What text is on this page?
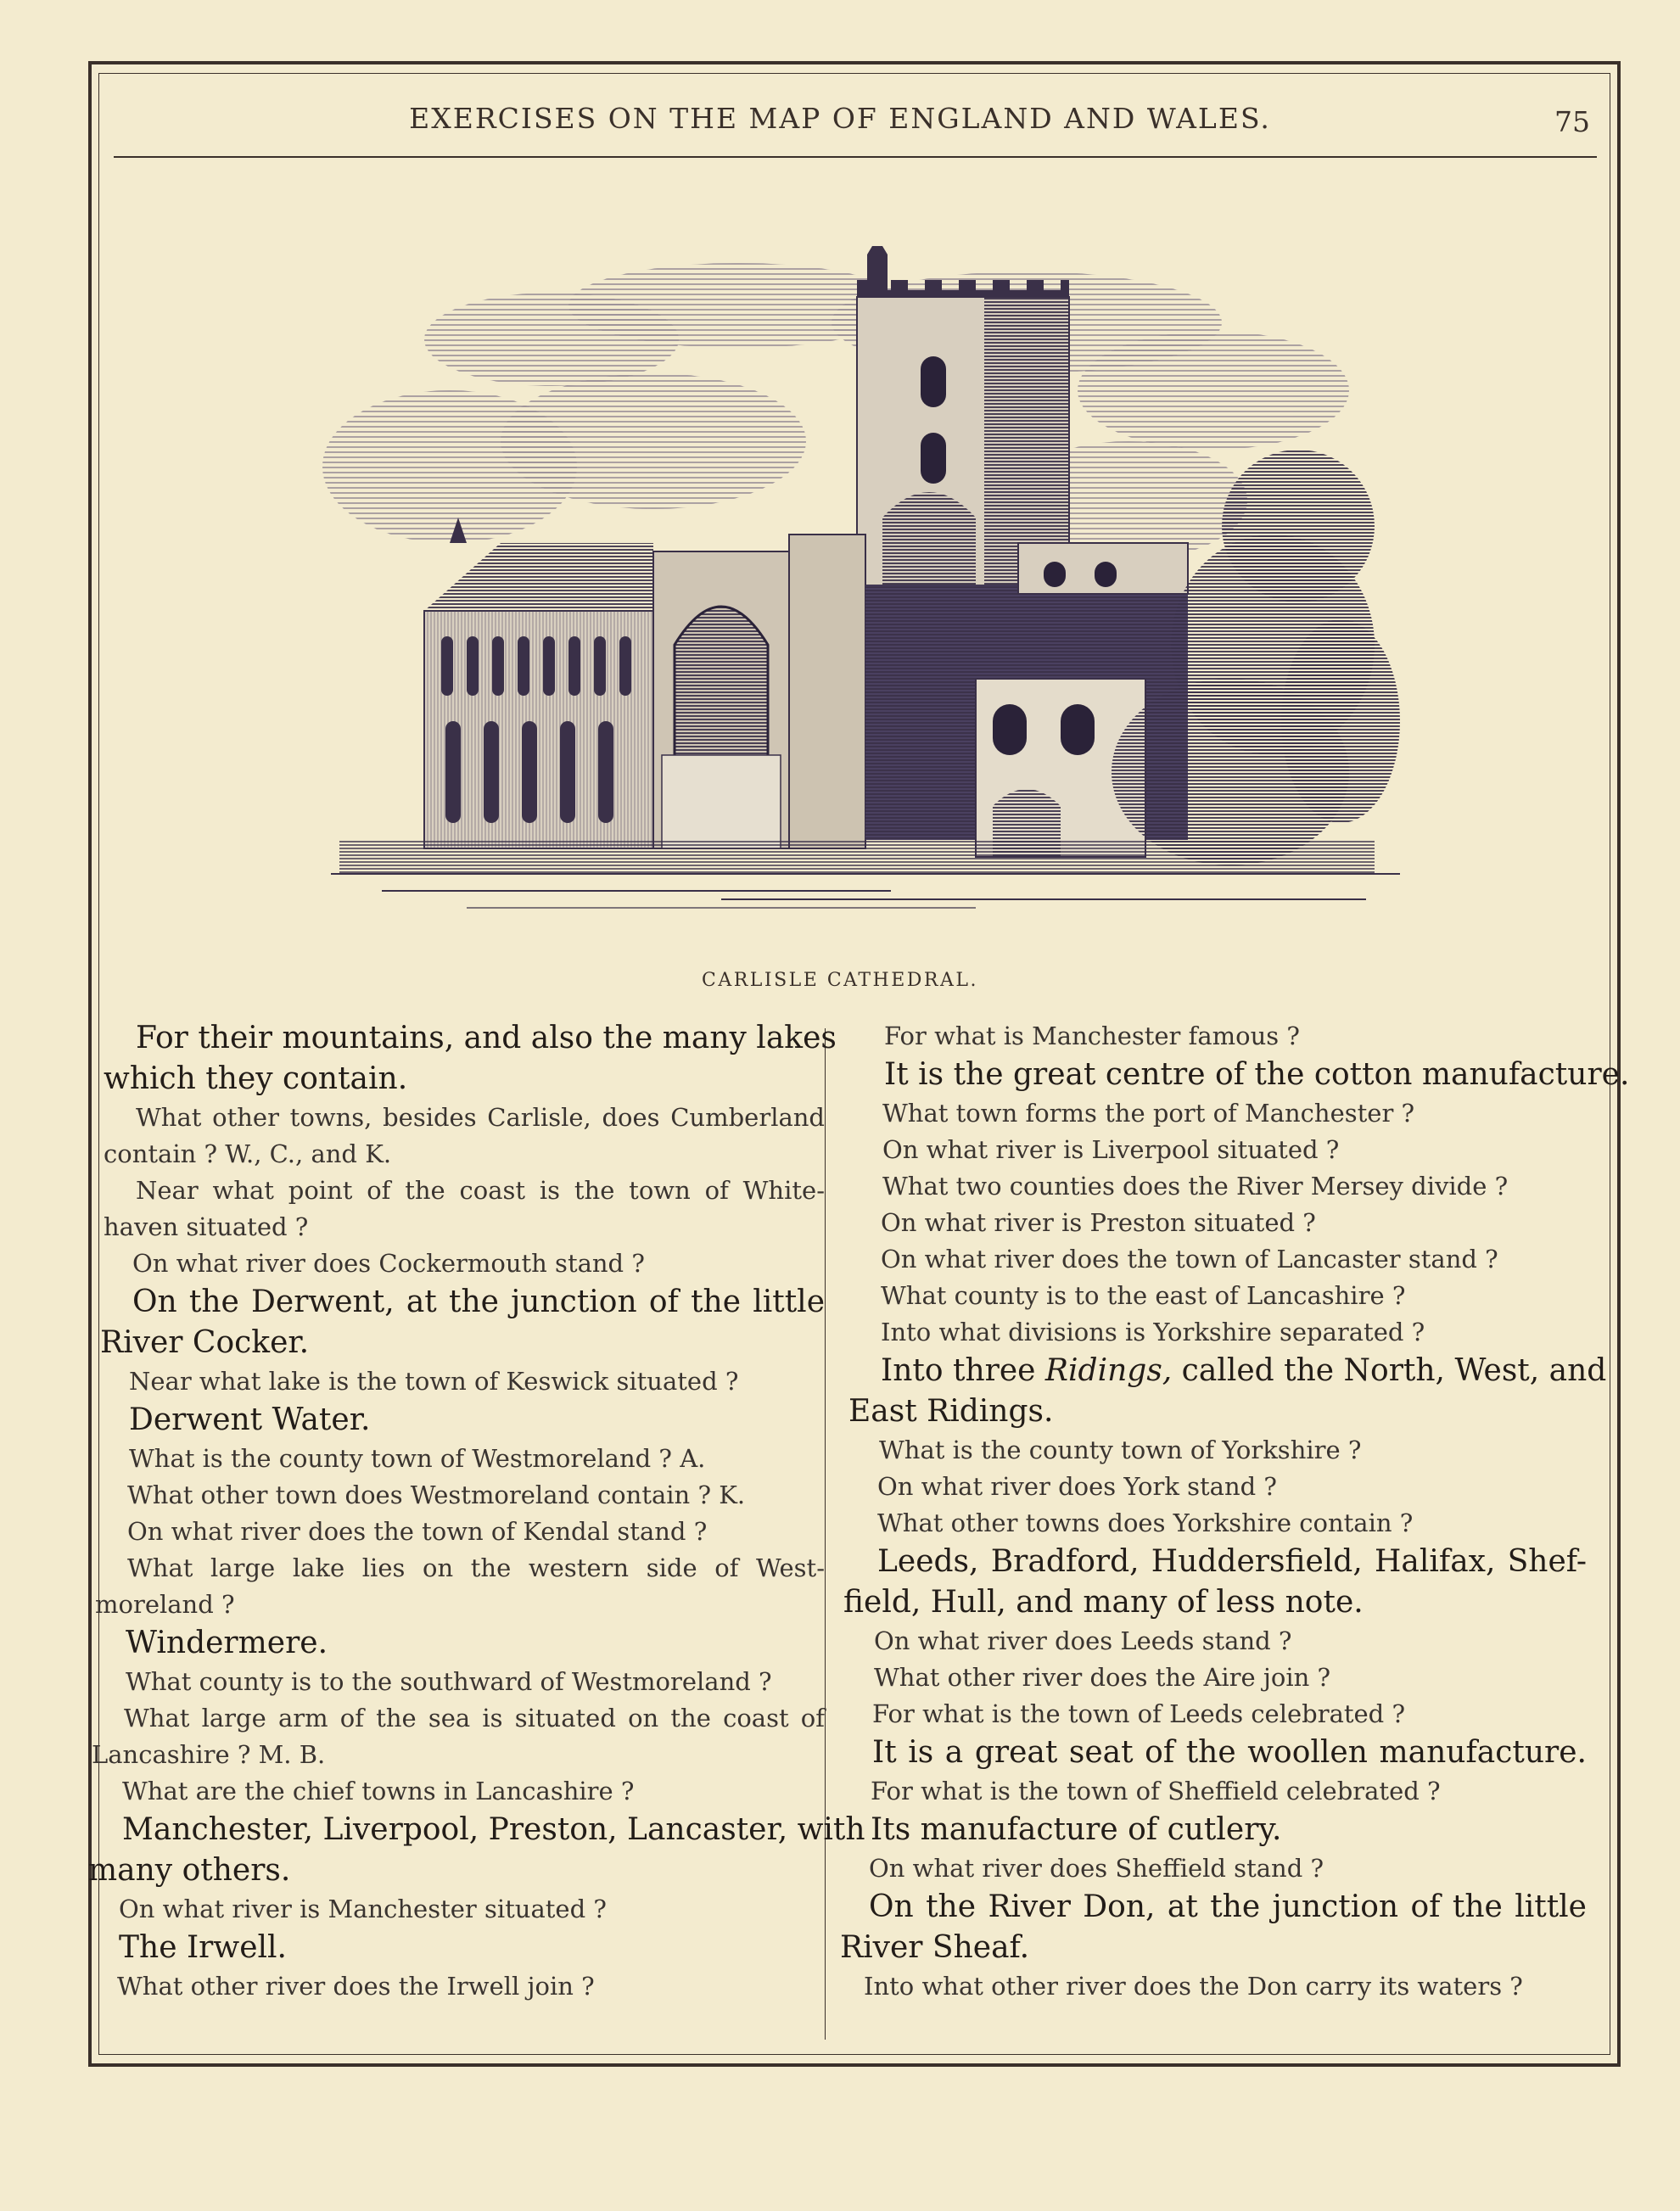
EXERCISES ON THE MAP OF ENGLAND AND WALES.	75
CARLISLE CATHEDRAL.
For their mountains, and also the many lakes
which they contain.
What other towns, besides Carlisle, does Cumberland
contain ? W., C., and K.
Near what point of the coast is the town of White-
haven situated ?
On what river does Cockermouth stand ?
On the Derwent, at the junction of the little
River Cocker.
Near what lake is the town of Keswick situated ?
Derwent Water.
What is the county town of Westmoreland ? A.
What other town does Westmoreland contain ? K.
On what river does the town of Kendal stand ?
What large lake lies on the western side of West-
moreland ?
Windermere.
What county is to the southward of Westmoreland ?
What large arm of the sea is situated on the coast of
Lancashire ? M. B.
What are the chief towns in Lancashire ?
Manchester, Liverpool, Preston, Lancaster, with
many others.
On what river is Manchester situated ?
The Irwell.
What other river does the Irwell join ?
For what is Manchester famous ?
It is the great centre of the cotton manufacture.
What town forms the port of Manchester ?
On what river is Liverpool situated ?
What two counties does the River Mersey divide ?
On what river is Preston situated ?
On what river does the town of Lancaster stand ?
What county is to the east of Lancashire ?
Into what divisions is Yorkshire separated ?
Into three Ridings, called the North, West, and
East Ridings.
What is the county town of Yorkshire ?
On what river does York stand ?
What other towns does Yorkshire contain ?
Leeds, Bradford, Huddersfield, Halifax, Shef-
field, Hull, and many of less note.
On what river does Leeds stand ?
What other river does the Aire join ?
For what is the town of Leeds celebrated ?
It is a great seat of the woollen manufacture.
For what is the town of Sheffield celebrated ?
Its manufacture of cutlery.
On what river does Sheffield stand ?
On the River Don, at the junction of the little
River Sheaf.
Into what other river does the Don carry its waters ?
